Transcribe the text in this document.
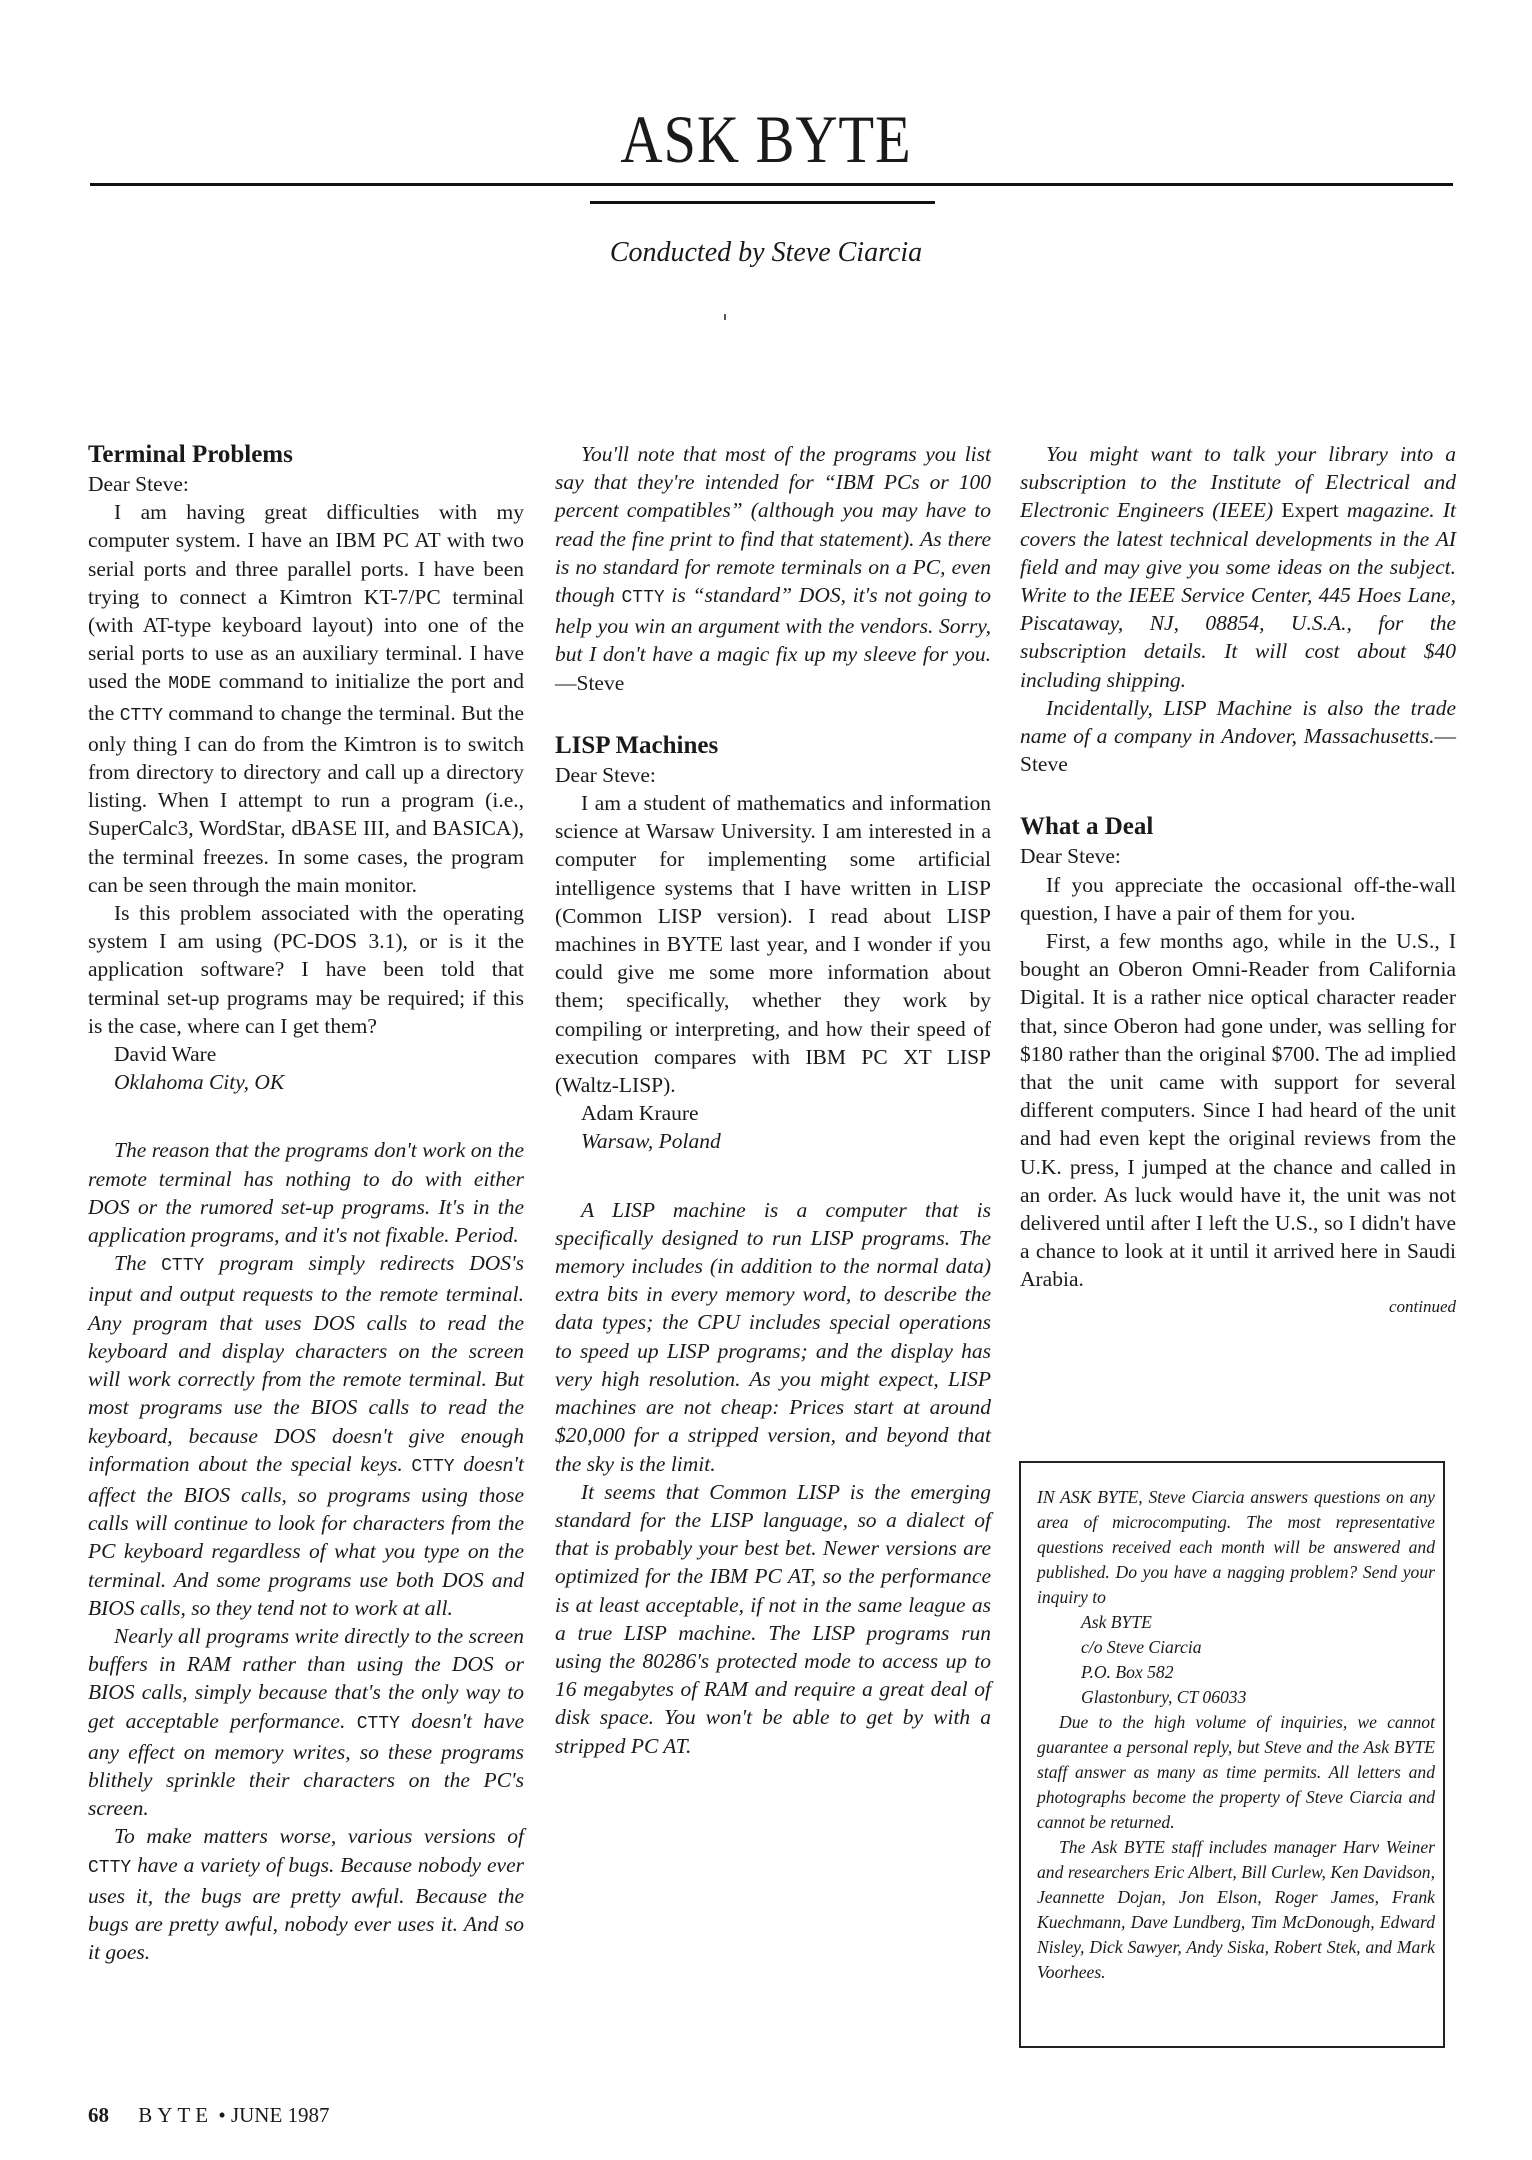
ASK BYTE
Conducted by Steve Ciarcia
Terminal Problems
Dear Steve:

I am having great difficulties with my computer system. I have an IBM PC AT with two serial ports and three parallel ports. I have been trying to connect a Kimtron KT-7/PC terminal (with AT-type keyboard layout) into one of the serial ports to use as an auxiliary terminal. I have used the MODE command to initialize the port and the CTTY command to change the terminal. But the only thing I can do from the Kimtron is to switch from directory to directory and call up a directory listing. When I attempt to run a program (i.e., SuperCalc3, WordStar, dBASE III, and BASICA), the terminal freezes. In some cases, the program can be seen through the main monitor.

Is this problem associated with the operating system I am using (PC-DOS 3.1), or is it the application software? I have been told that terminal set-up programs may be required; if this is the case, where can I get them?

David Ware

Oklahoma City, OK

The reason that the programs don't work on the remote terminal has nothing to do with either DOS or the rumored set-up programs. It's in the application programs, and it's not fixable. Period.

The CTTY program simply redirects DOS's input and output requests to the remote terminal. Any program that uses DOS calls to read the keyboard and display characters on the screen will work correctly from the remote terminal. But most programs use the BIOS calls to read the keyboard, because DOS doesn't give enough information about the special keys. CTTY doesn't affect the BIOS calls, so programs using those calls will continue to look for characters from the PC keyboard regardless of what you type on the terminal. And some programs use both DOS and BIOS calls, so they tend not to work at all.

Nearly all programs write directly to the screen buffers in RAM rather than using the DOS or BIOS calls, simply because that's the only way to get acceptable performance. CTTY doesn't have any effect on memory writes, so these programs blithely sprinkle their characters on the PC's screen.

To make matters worse, various versions of CTTY have a variety of bugs. Because nobody ever uses it, the bugs are pretty awful. Because the bugs are pretty awful, nobody ever uses it. And so it goes.

You'll note that most of the programs you list say that they're intended for “IBM PCs or 100 percent compatibles” (although you may have to read the fine print to find that statement). As there is no standard for remote terminals on a PC, even though CTTY is “standard” DOS, it's not going to help you win an argument with the vendors. Sorry, but I don't have a magic fix up my sleeve for you.—Steve

LISP Machines
Dear Steve:

I am a student of mathematics and information science at Warsaw University. I am interested in a computer for implementing some artificial intelligence systems that I have written in LISP (Common LISP version). I read about LISP machines in BYTE last year, and I wonder if you could give me some more information about them; specifically, whether they work by compiling or interpreting, and how their speed of execution compares with IBM PC XT LISP (Waltz-LISP).

Adam Kraure

Warsaw, Poland

A LISP machine is a computer that is specifically designed to run LISP programs. The memory includes (in addition to the normal data) extra bits in every memory word, to describe the data types; the CPU includes special operations to speed up LISP programs; and the display has very high resolution. As you might expect, LISP machines are not cheap: Prices start at around $20,000 for a stripped version, and beyond that the sky is the limit.

It seems that Common LISP is the emerging standard for the LISP language, so a dialect of that is probably your best bet. Newer versions are optimized for the IBM PC AT, so the performance is at least acceptable, if not in the same league as a true LISP machine. The LISP programs run using the 80286's protected mode to access up to 16 megabytes of RAM and require a great deal of disk space. You won't be able to get by with a stripped PC AT.

You might want to talk your library into a subscription to the Institute of Electrical and Electronic Engineers (IEEE) Expert magazine. It covers the latest technical developments in the AI field and may give you some ideas on the subject. Write to the IEEE Service Center, 445 Hoes Lane, Piscataway, NJ, 08854, U.S.A., for the subscription details. It will cost about $40 including shipping.

Incidentally, LISP Machine is also the trade name of a company in Andover, Massachusetts.—Steve

What a Deal
Dear Steve:

If you appreciate the occasional off-the-wall question, I have a pair of them for you.

First, a few months ago, while in the U.S., I bought an Oberon Omni-Reader from California Digital. It is a rather nice optical character reader that, since Oberon had gone under, was selling for $180 rather than the original $700. The ad implied that the unit came with support for several different computers. Since I had heard of the unit and had even kept the original reviews from the U.K. press, I jumped at the chance and called in an order. As luck would have it, the unit was not delivered until after I left the U.S., so I didn't have a chance to look at it until it arrived here in Saudi Arabia.

continued

IN ASK BYTE, Steve Ciarcia answers questions on any area of microcomputing. The most representative questions received each month will be answered and published. Do you have a nagging problem? Send your inquiry to

Ask BYTE
c/o Steve Ciarcia
P.O. Box 582
Glastonbury, CT 06033

Due to the high volume of inquiries, we cannot guarantee a personal reply, but Steve and the Ask BYTE staff answer as many as time permits. All letters and photographs become the property of Steve Ciarcia and cannot be returned.

The Ask BYTE staff includes manager Harv Weiner and researchers Eric Albert, Bill Curlew, Ken Davidson, Jeannette Dojan, Jon Elson, Roger James, Frank Kuechmann, Dave Lundberg, Tim McDonough, Edward Nisley, Dick Sawyer, Andy Siska, Robert Stek, and Mark Voorhees.

68 BYTE • JUNE 1987
